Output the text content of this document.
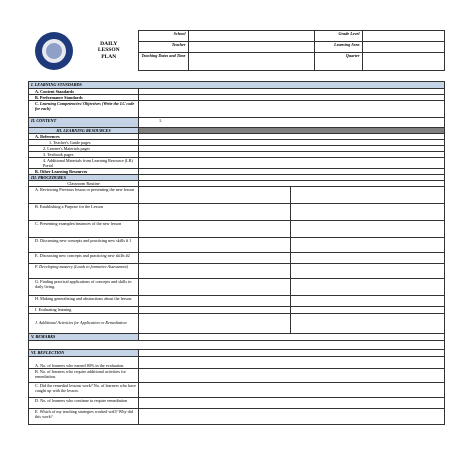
	DAILY
LESSON
PLAN	School		Grade Level	
		Teacher		Learning Area	
		Teaching Dates and Time		Quarter	
I. LEARNING STANDARDS		
A. Content Standards		
B. Performance Standards		
C. Learning Competencies/ Objectives (Write the LC code for each)		
II. CONTENT	1.	
III. LEARNING RESOURCES		
A. References		
1. Teacher's Guide pages		
2. Learner's Materials pages		
3. Textbook pages		
4. Additional Materials from Learning Resource (LR) Portal		
B. Other Learning Resources		
III. PROCEDURES		
Classroom Routine		
A. Reviewing Previous lesson or presenting the new lesson		
B. Establishing a Purpose for the Lesson		
C. Presenting examples/instances of the new lesson		
D. Discussing new concepts and practicing new skills # 1		
E. Discussing new concepts and practicing new skills #2		
F. Developing mastery (Leads to formative Assessment)		
G. Finding practical applications of concepts and skills in daily living.		
H. Making generalizing and abstractions about the lesson.		
I. Evaluating learning		
J. Additional Activities for Application or Remediation		
V. REMARKS		

VI. REFLECTION		
A. No. of learners who earned 80% in the evaluation.		
B. No. of learners who require additional activities for remediation.		
C. Did the remedial lessons work? No. of learners who have caught up with the lesson.		
D. No. of learners who continue to require remediation		
E. Which of my teaching strategies worked well? Why did this work?		
